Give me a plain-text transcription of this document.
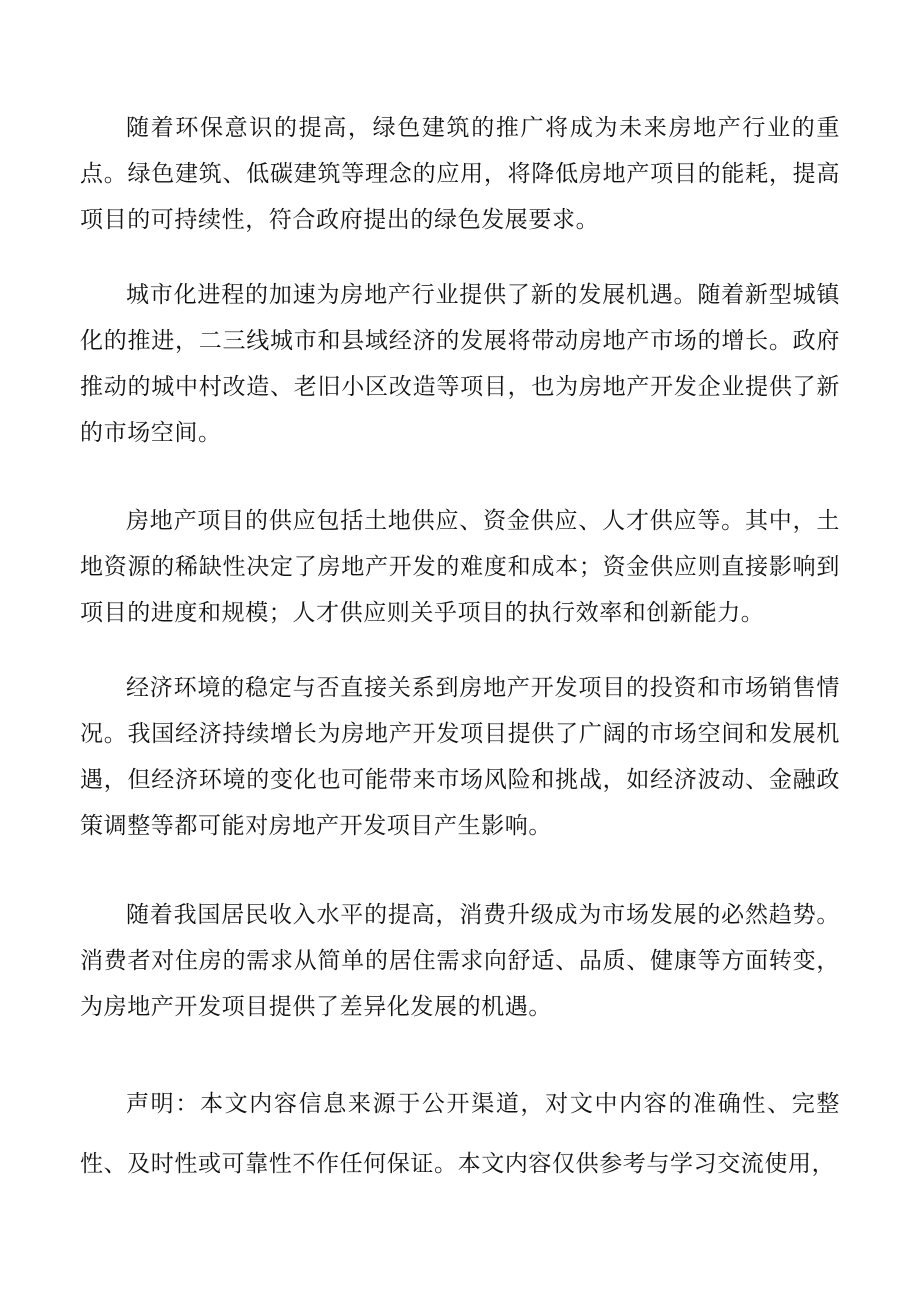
随着环保意识的提高，绿色建筑的推广将成为未来房地产行业的重点。绿色建筑、低碳建筑等理念的应用，将降低房地产项目的能耗，提高项目的可持续性，符合政府提出的绿色发展要求。

城市化进程的加速为房地产行业提供了新的发展机遇。随着新型城镇化的推进，二三线城市和县域经济的发展将带动房地产市场的增长。政府推动的城中村改造、老旧小区改造等项目，也为房地产开发企业提供了新的市场空间。

房地产项目的供应包括土地供应、资金供应、人才供应等。其中，土地资源的稀缺性决定了房地产开发的难度和成本；资金供应则直接影响到项目的进度和规模；人才供应则关乎项目的执行效率和创新能力。

经济环境的稳定与否直接关系到房地产开发项目的投资和市场销售情况。我国经济持续增长为房地产开发项目提供了广阔的市场空间和发展机遇，但经济环境的变化也可能带来市场风险和挑战，如经济波动、金融政策调整等都可能对房地产开发项目产生影响。

随着我国居民收入水平的提高，消费升级成为市场发展的必然趋势。消费者对住房的需求从简单的居住需求向舒适、品质、健康等方面转变，为房地产开发项目提供了差异化发展的机遇。

声明：本文内容信息来源于公开渠道，对文中内容的准确性、完整性、及时性或可靠性不作任何保证。本文内容仅供参考与学习交流使用，
